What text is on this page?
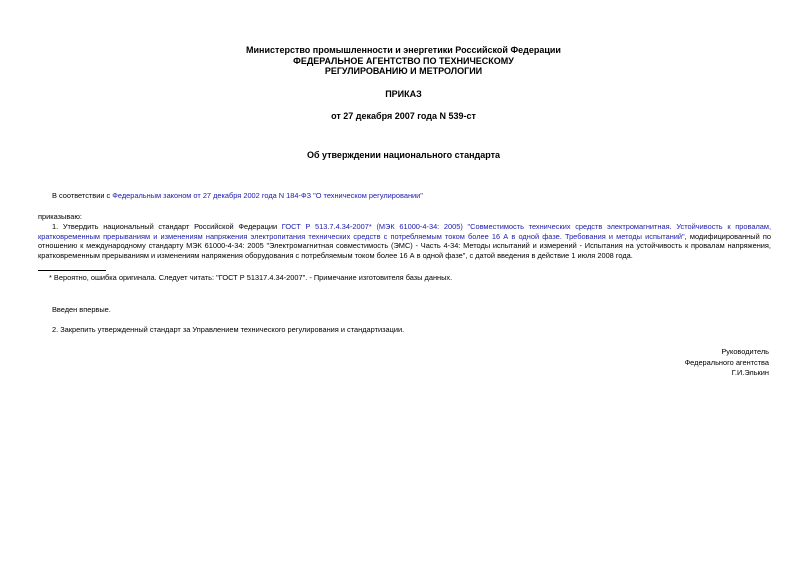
Министерство промышленности и энергетики Российской Федерации
ФЕДЕРАЛЬНОЕ АГЕНТСТВО ПО ТЕХНИЧЕСКОМУ
РЕГУЛИРОВАНИЮ И МЕТРОЛОГИИ
ПРИКАЗ
от 27 декабря 2007 года N 539-ст
Об утверждении национального стандарта
В соответствии с Федеральным законом от 27 декабря 2002 года N 184-ФЗ "О техническом регулировании"
приказываю:
1. Утвердить национальный стандарт Российской Федерации ГОСТ Р 513.7.4.34-2007* (МЭК 61000-4-34: 2005) "Совместимость технических средств электромагнитная. Устойчивость к провалам, кратковременным прерываниям и изменениям напряжения электропитания технических средств с потребляемым током более 16 А в одной фазе. Требования и методы испытаний", модифицированный по отношению к международному стандарту МЭК 61000-4-34: 2005 "Электромагнитная совместимость (ЭМС) - Часть 4-34: Методы испытаний и измерений - Испытания на устойчивость к провалам напряжения, кратковременным прерываниям и изменениям напряжения оборудования с потребляемым током более 16 А в одной фазе", с датой введения в действие 1 июля 2008 года.
* Вероятно, ошибка оригинала. Следует читать: "ГОСТ Р 51317.4.34-2007". - Примечание изготовителя базы данных.
Введен впервые.
2. Закрепить утвержденный стандарт за Управлением технического регулирования и стандартизации.
Руководитель
Федерального агентства
Г.И.Элькин
